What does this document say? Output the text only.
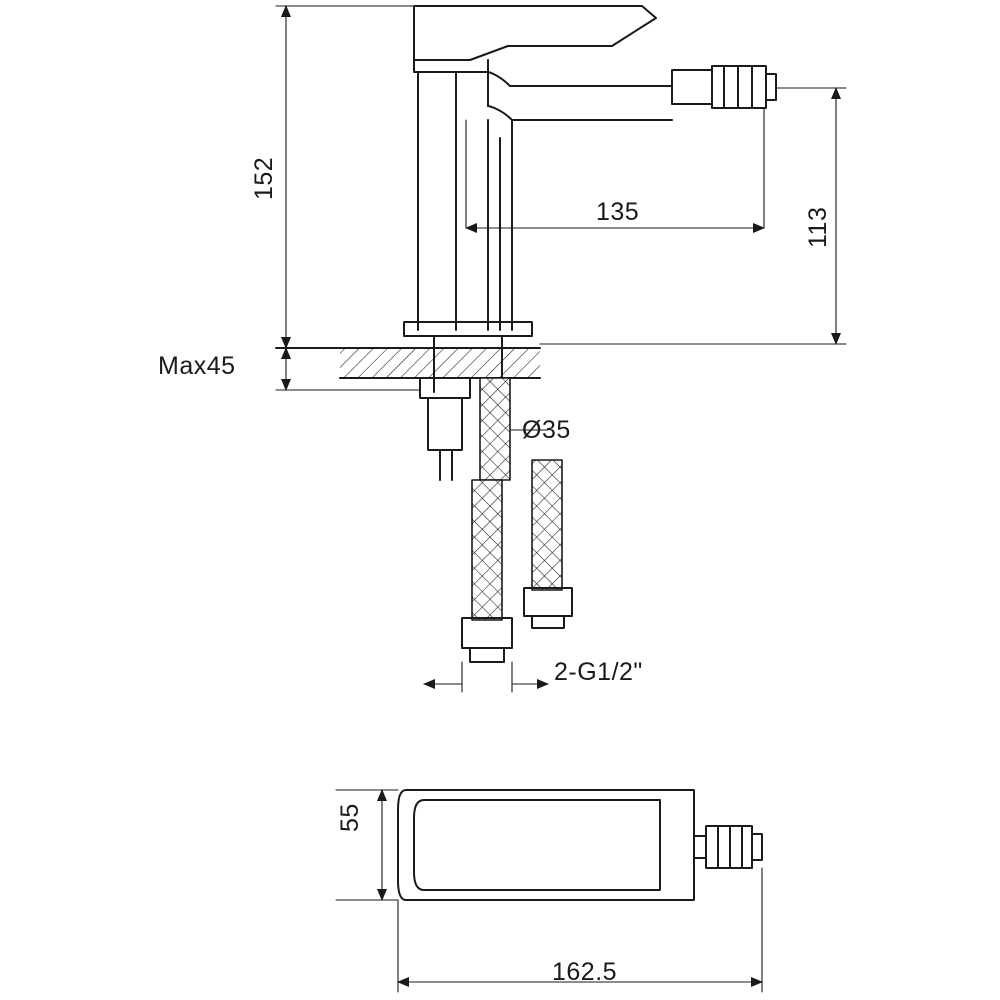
152
135	113
Max45
Ø35
2-G1/2"
55
162.5
